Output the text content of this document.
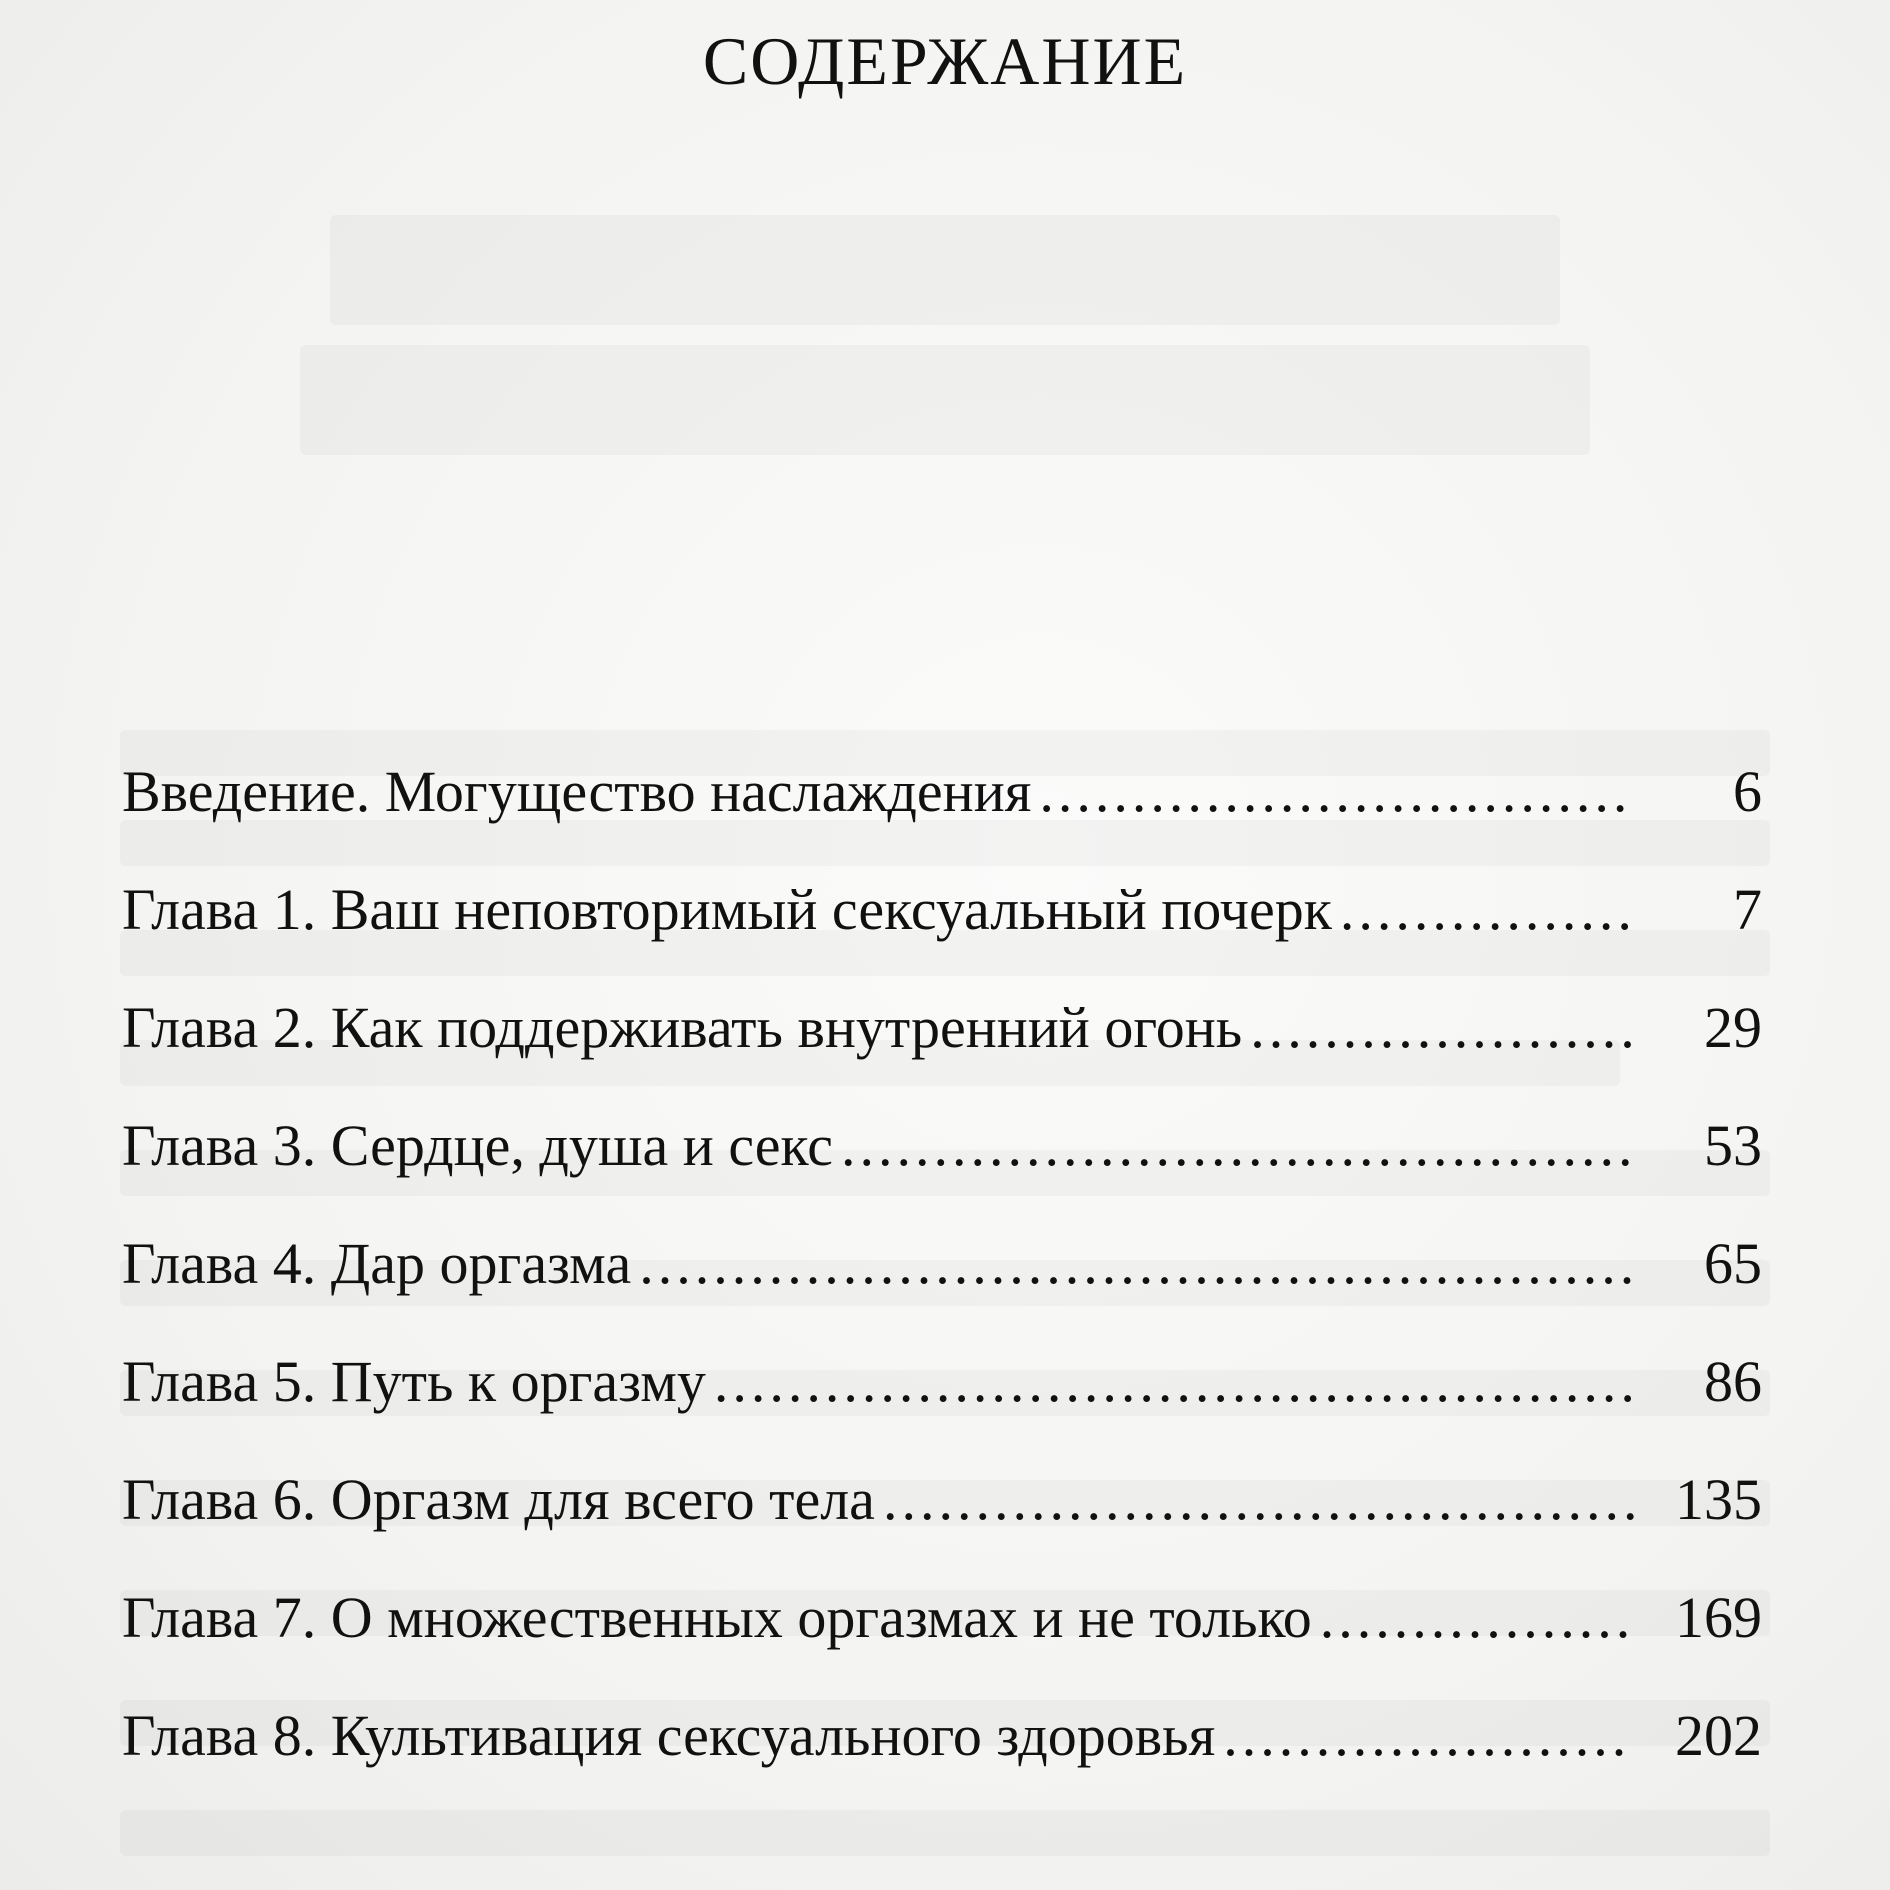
СОДЕРЖАНИЕ
Введение. Могущество наслаждения .....	6
Глава 1. Ваш неповторимый сексуальный почерк .....	7
Глава 2. Как поддерживать внутренний огонь .....	29
Глава 3. Сердце, душа и секс .....	53
Глава 4. Дар оргазма .....	65
Глава 5. Путь к оргазму .....	86
Глава 6. Оргазм для всего тела .....	135
Глава 7. О множественных оргазмах и не только .....	169
Глава 8. Культивация сексуального здоровья .....	202
